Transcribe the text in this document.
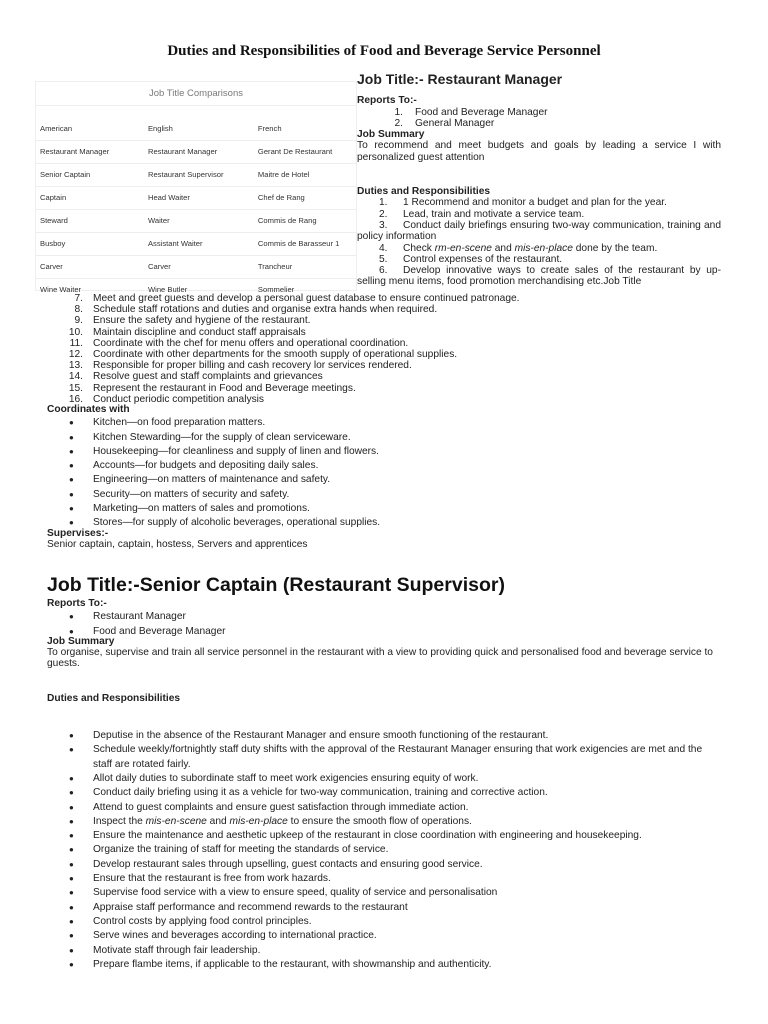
Duties and Responsibilities of Food and Beverage Service Personnel
Job Title Comparisons
American	English	French
Restaurant Manager	Restaurant Manager	Gerant De Restaurant
Senior Captain	Restaurant Supervisor	Maitre de Hotel
Captain	Head Waiter	Chef de Rang
Steward	Waiter	Commis de Rang
Busboy	Assistant Waiter	Commis de Barasseur 1
Carver	Carver	Trancheur
Wine Waiter	Wine Butler	Sommelier
Job Title:- Restaurant Manager
Reports To:-
1.	Food and Beverage Manager
2.	General Manager
Job Summary
To recommend and meet budgets and goals by leading a service I with personalized guest attention
Duties and Responsibilities
1. 1 Recommend and monitor a budget and plan for the year.
2. Lead, train and motivate a service team.
3. Conduct daily briefings ensuring two-way communication, training and policy information
4. Check rm-en-scene and mis-en-place done by the team.
5. Control expenses of the restaurant.
6. Develop innovative ways to create sales of the restaurant by up-selling menu items, food promotion merchandising etc.Job Title
7. Meet and greet guests and develop a personal guest database to ensure continued patronage.
8. Schedule staff rotations and duties and organise extra hands when required.
9. Ensure the safety and hygiene of the restaurant.
10. Maintain discipline and conduct staff appraisals
11. Coordinate with the chef for menu offers and operational coordination.
12. Coordinate with other departments for the smooth supply of operational supplies.
13. Responsible for proper billing and cash recovery lor services rendered.
14. Resolve guest and staff complaints and grievances
15. Represent the restaurant in Food and Beverage meetings.
16. Conduct periodic competition analysis
Coordinates with
●	Kitchen—on food preparation matters.
●	Kitchen Stewarding—for the supply of clean serviceware.
●	Housekeeping—for cleanliness and supply of linen and flowers.
●	Accounts—for budgets and depositing daily sales.
●	Engineering—on matters of maintenance and safety.
●	Security—on matters of security and safety.
●	Marketing—on matters of sales and promotions.
●	Stores—for supply of alcoholic beverages, operational supplies.
Supervises:-
Senior captain, captain, hostess, Servers and apprentices
Job Title:-Senior Captain (Restaurant Supervisor)
Reports To:-
●	Restaurant Manager
●	Food and Beverage Manager
Job Summary
To organise, supervise and train all service personnel in the restaurant with a view to providing quick and personalised food and beverage service to guests.
Duties and Responsibilities
●	Deputise in the absence of the Restaurant Manager and ensure smooth functioning of the restaurant.
●	Schedule weekly/fortnightly staff duty shifts with the approval of the Restaurant Manager ensuring that work exigencies are met and the staff are rotated fairly.
●	Allot daily duties to subordinate staff to meet work exigencies ensuring equity of work.
●	Conduct daily briefing using it as a vehicle for two-way communication, training and corrective action.
●	Attend to guest complaints and ensure guest satisfaction through immediate action.
●	Inspect the mis-en-scene and mis-en-place to ensure the smooth flow of operations.
●	Ensure the maintenance and aesthetic upkeep of the restaurant in close coordination with engineering and housekeeping.
●	Organize the training of staff for meeting the standards of service.
●	Develop restaurant sales through upselling, guest contacts and ensuring good service.
●	Ensure that the restaurant is free from work hazards.
●	Supervise food service with a view to ensure speed, quality of service and personalisation
●	Appraise staff performance and recommend rewards to the restaurant
●	Control costs by applying food control principles.
●	Serve wines and beverages according to international practice.
●	Motivate staff through fair leadership.
●	Prepare flambe items, if applicable to the restaurant, with showmanship and authenticity.
